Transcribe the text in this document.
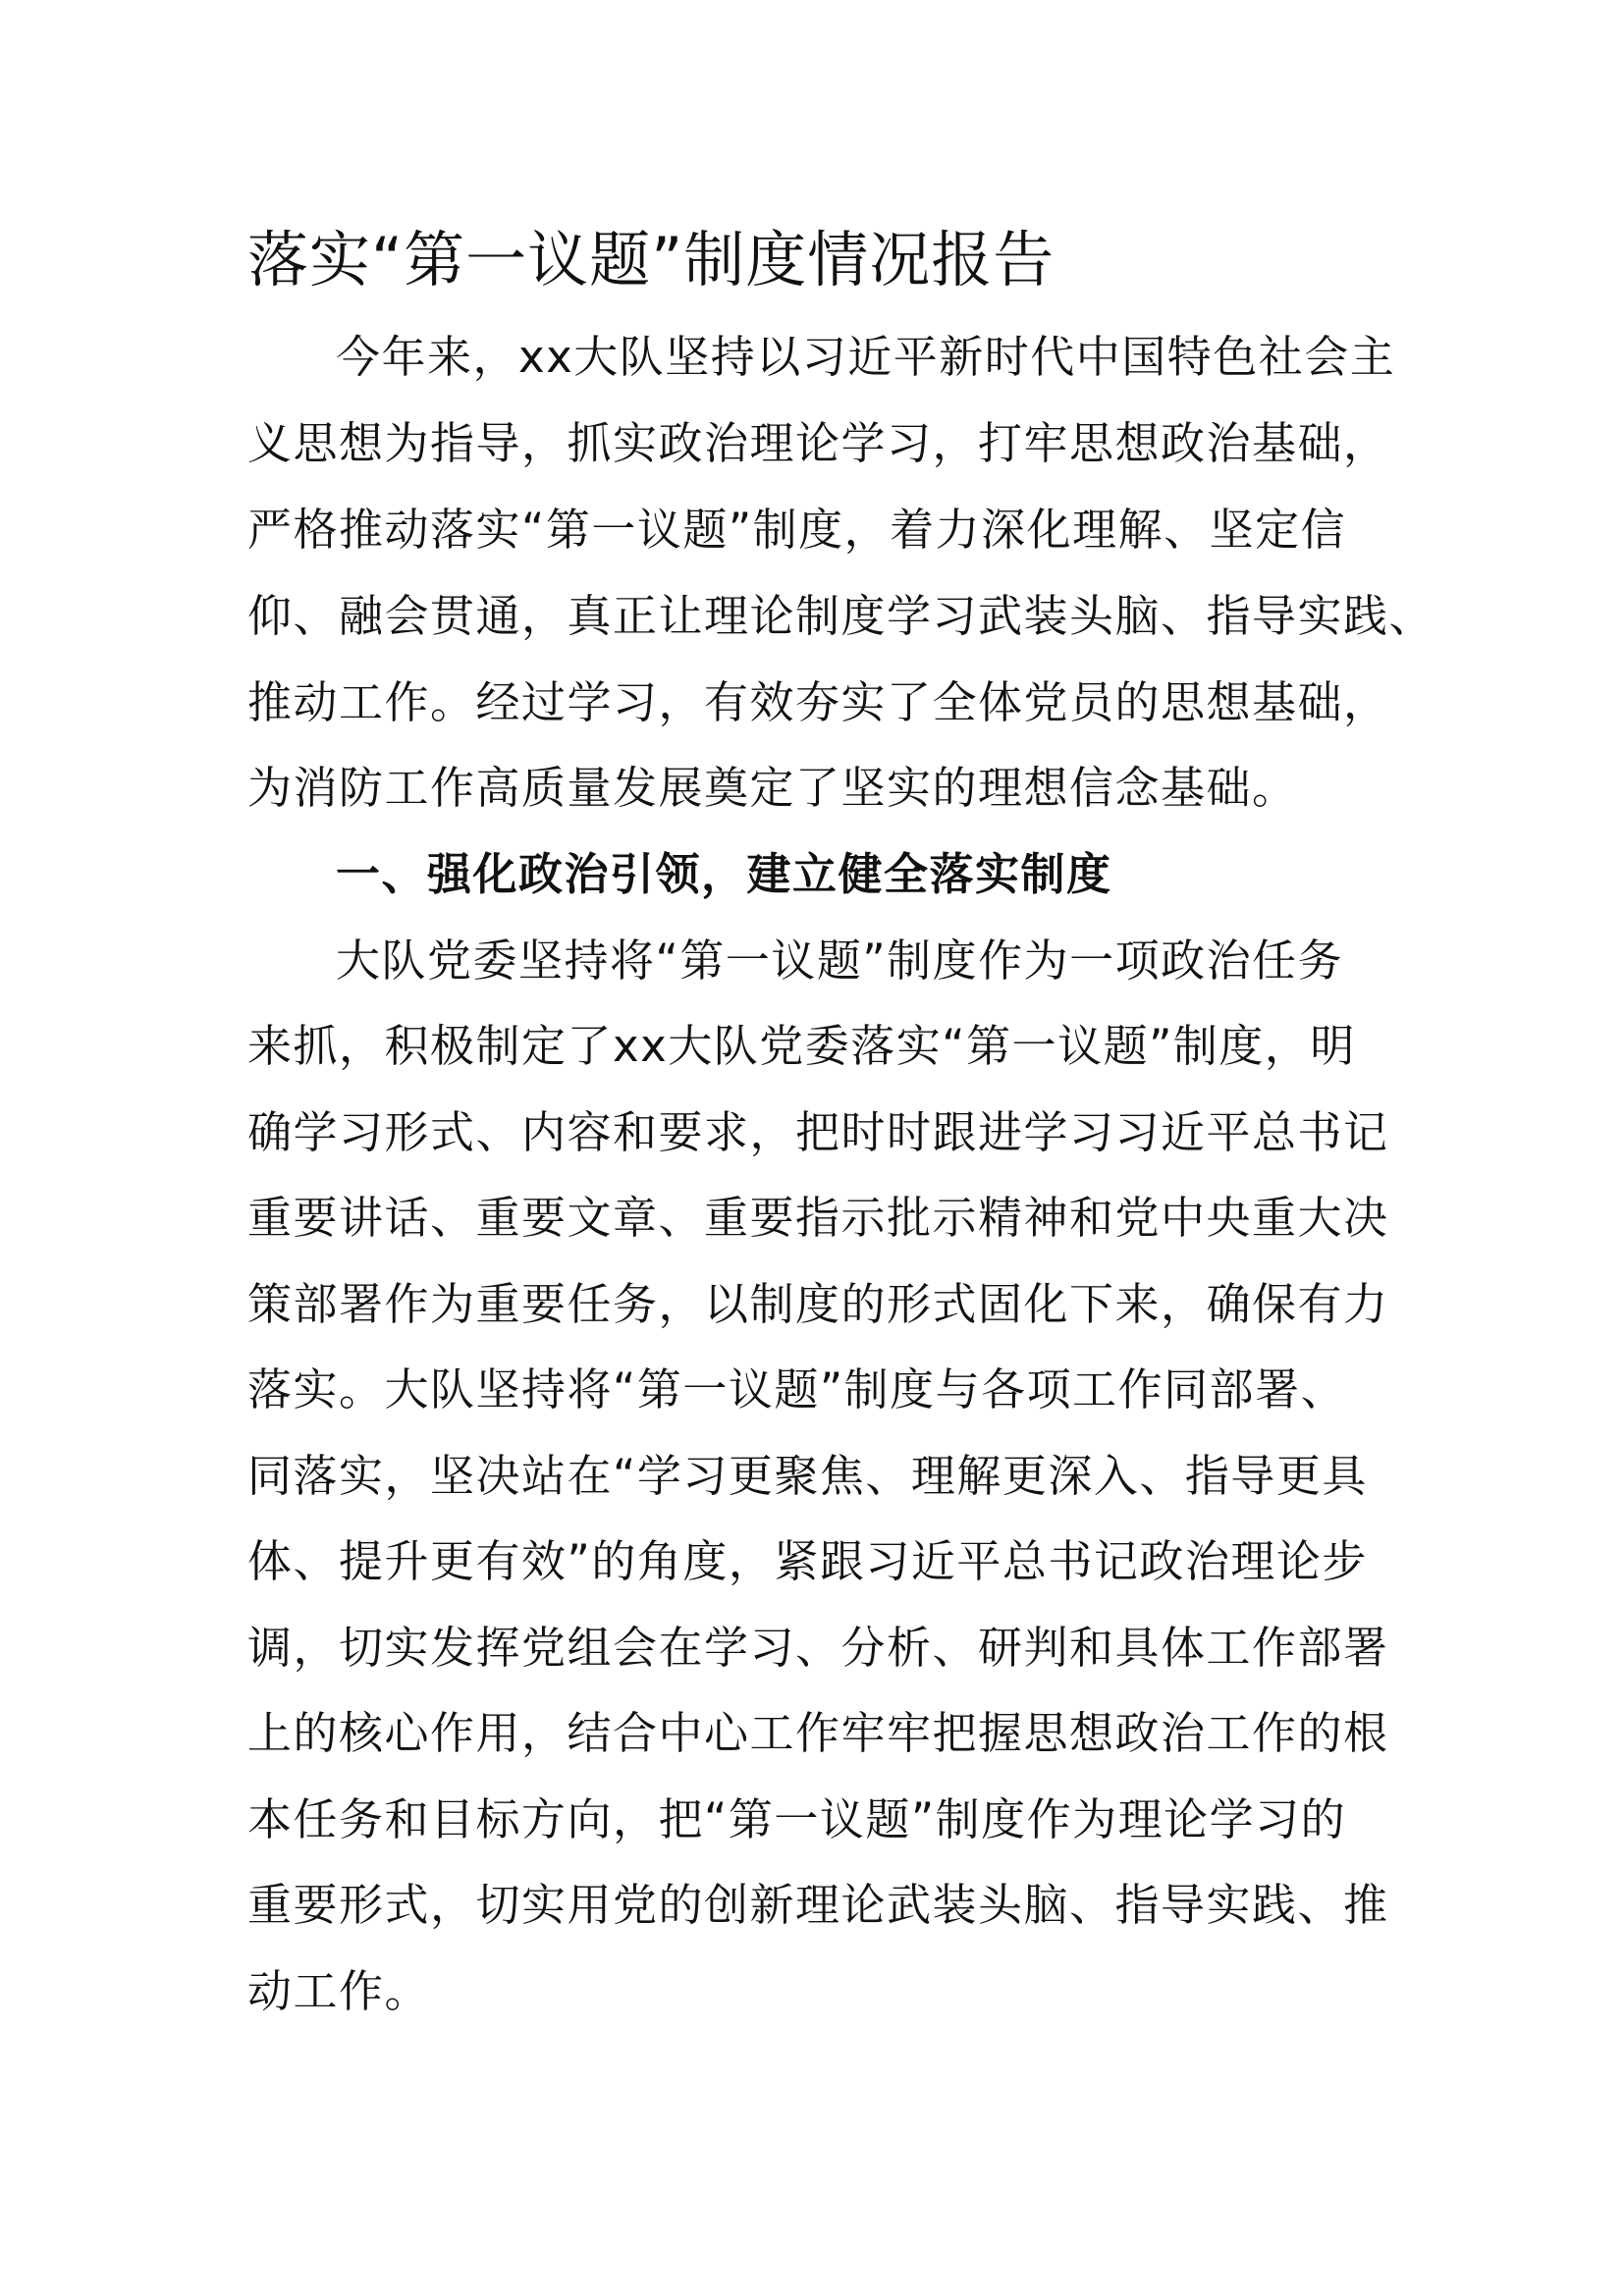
落实“第一议题”制度情况报告

今年来，xx大队坚持以习近平新时代中国特色社会主

义思想为指导，抓实政治理论学习，打牢思想政治基础，

严格推动落实“第一议题”制度，着力深化理解、坚定信

仰、融会贯通，真正让理论制度学习武装头脑、指导实践、

推动工作。经过学习，有效夯实了全体党员的思想基础，

为消防工作高质量发展奠定了坚实的理想信念基础。

一、强化政治引领，建立健全落实制度

大队党委坚持将“第一议题”制度作为一项政治任务

来抓，积极制定了xx大队党委落实“第一议题”制度，明

确学习形式、内容和要求，把时时跟进学习习近平总书记

重要讲话、重要文章、重要指示批示精神和党中央重大决

策部署作为重要任务，以制度的形式固化下来，确保有力

落实。大队坚持将“第一议题”制度与各项工作同部署、

同落实，坚决站在“学习更聚焦、理解更深入、指导更具

体、提升更有效”的角度，紧跟习近平总书记政治理论步

调，切实发挥党组会在学习、分析、研判和具体工作部署

上的核心作用，结合中心工作牢牢把握思想政治工作的根

本任务和目标方向，把“第一议题”制度作为理论学习的

重要形式，切实用党的创新理论武装头脑、指导实践、推

动工作。
